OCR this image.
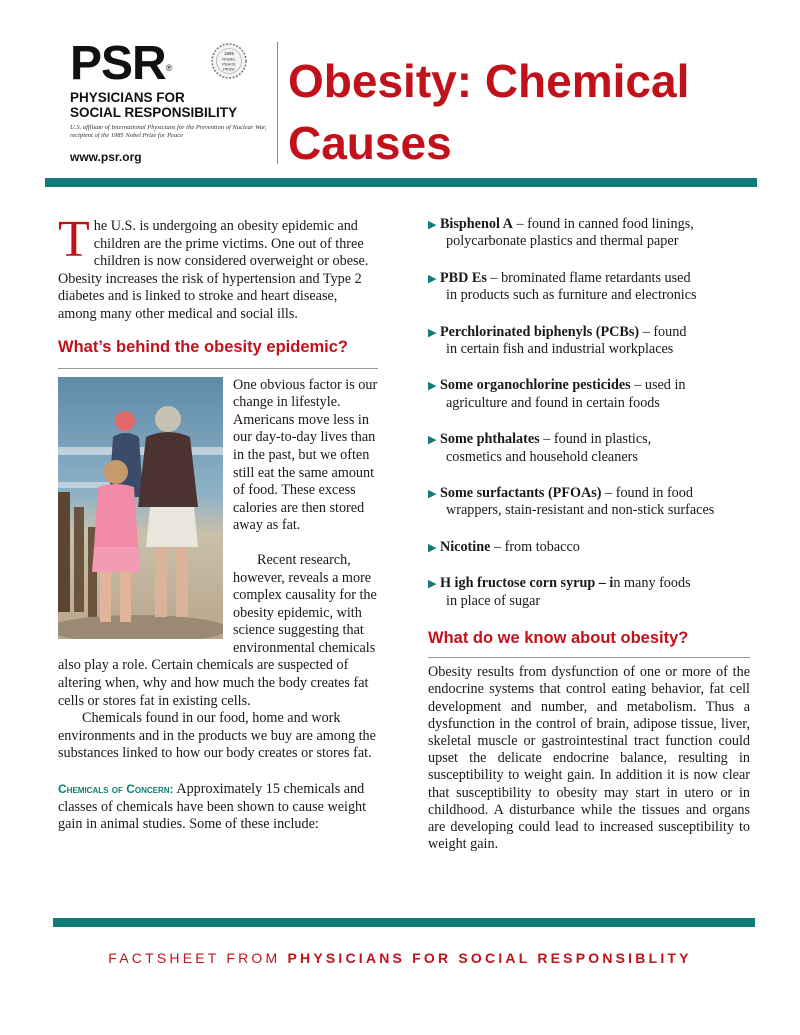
PSR®
PHYSICIANS FOR
SOCIAL RESPONSIBILITY
U.S. affiliate of International Physicians for the Prevention of Nuclear War,
recipient of the 1985 Nobel Prize for Peace
www.psr.org
1985
NOBEL
PEACE
PRIZE Obesity: Chemical
Causes

The U.S. is undergoing an obesity epidemic and children are the prime victims. One out of three children is now considered overweight or obese. Obesity increases the risk of hypertension and Type 2 diabetes and is linked to stroke and heart disease, among many other medical and social ills.

What’s behind the obesity epidemic?

One obvious factor is our change in lifestyle. Americans move less in our day-to-day lives than in the past, but we often still eat the same amount of food. These excess calories are then stored away as fat.

Recent research, however, reveals a more complex causality for the obesity epidemic, with science suggesting that environmental chemicals also play a role. Certain chemicals are suspected of altering when, why and how much the body creates fat cells or stores fat in existing cells.

Chemicals found in our food, home and work environments and in the products we buy are among the substances linked to how our body creates or stores fat.

Chemicals of Concern: Approximately 15 chemicals and classes of chemicals have been shown to cause weight gain in animal studies. Some of these include:

▶ Bisphenol A – found in canned food linings,
polycarbonate plastics and thermal paper
▶ PBD Es – brominated flame retardants used
in products such as furniture and electronics
▶ Perchlorinated biphenyls (PCBs) – found
in certain fish and industrial workplaces
▶ Some organochlorine pesticides – used in
agriculture and found in certain foods
▶ Some phthalates – found in plastics,
cosmetics and household cleaners
▶ Some surfactants (PFOAs) – found in food
wrappers, stain-resistant and non-stick surfaces
▶ Nicotine – from tobacco
▶ H igh fructose corn syrup – in many foods
in place of sugar
What do we know about obesity?

Obesity results from dysfunction of one or more of the endocrine systems that control eating behavior, fat cell development and number, and metabolism. Thus a dysfunction in the control of brain, adipose tissue, liver, skeletal muscle or gastrointestinal tract function could upset the delicate endocrine balance, resulting in susceptibility to weight gain. In addition it is now clear that susceptibility to obesity may start in utero or in childhood. A disturbance while the tissues and organs are developing could lead to increased susceptibility to weight gain.

FACTSHEET FROM PHYSICIANS FOR SOCIAL RESPONSIBLITY
